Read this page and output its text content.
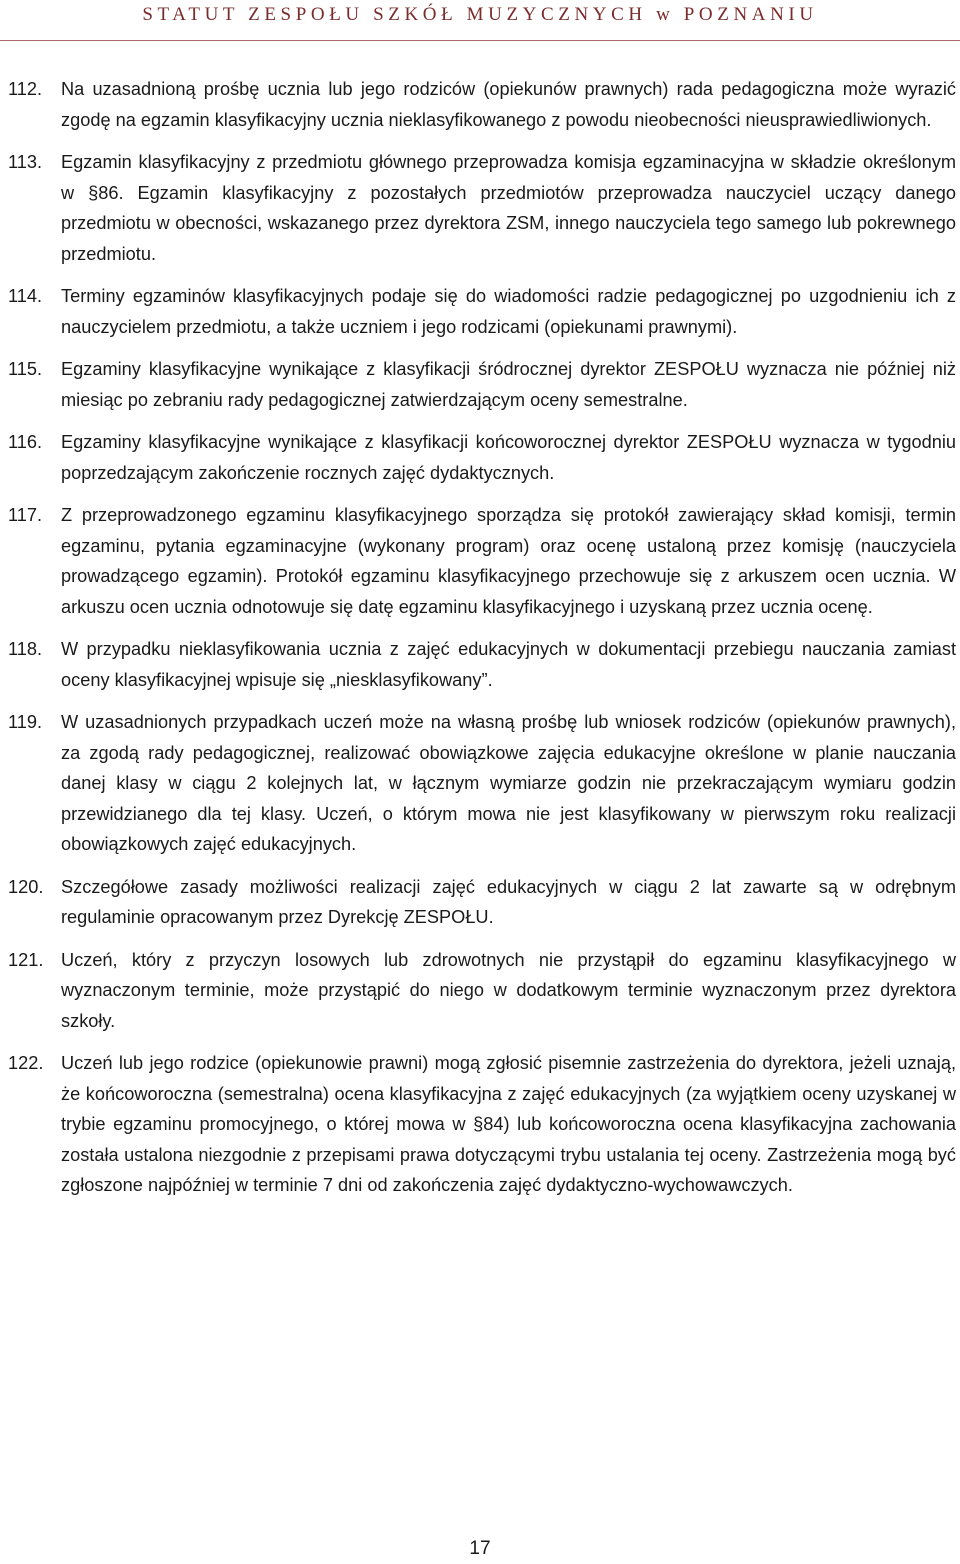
STATUT ZESPOŁU SZKÓŁ MUZYCZNYCH w POZNANIU
112.	Na uzasadnioną prośbę ucznia lub jego rodziców (opiekunów prawnych) rada pedagogiczna może wyrazić zgodę na egzamin klasyfikacyjny ucznia nieklasyfikowanego z powodu nieobecności nieusprawiedliwionych.
113.	Egzamin klasyfikacyjny z przedmiotu głównego przeprowadza komisja egzaminacyjna w składzie określonym w §86. Egzamin klasyfikacyjny z pozostałych przedmiotów przeprowadza nauczyciel uczący danego przedmiotu w obecności, wskazanego przez dyrektora ZSM, innego nauczyciela tego samego lub pokrewnego przedmiotu.
114.	Terminy egzaminów klasyfikacyjnych podaje się do wiadomości radzie pedagogicznej po uzgodnieniu ich z nauczycielem przedmiotu, a także uczniem i jego rodzicami (opiekunami prawnymi).
115.	Egzaminy klasyfikacyjne wynikające z klasyfikacji śródrocznej dyrektor ZESPOŁU wyznacza nie później niż miesiąc po zebraniu rady pedagogicznej zatwierdzającym oceny semestralne.
116.	Egzaminy klasyfikacyjne wynikające z klasyfikacji końcoworocznej dyrektor ZESPOŁU wyznacza w tygodniu poprzedzającym zakończenie rocznych zajęć dydaktycznych.
117.	Z przeprowadzonego egzaminu klasyfikacyjnego sporządza się protokół zawierający skład komisji, termin egzaminu, pytania egzaminacyjne (wykonany program) oraz ocenę ustaloną przez komisję (nauczyciela prowadzącego egzamin). Protokół egzaminu klasyfikacyjnego przechowuje się z arkuszem ocen ucznia. W arkuszu ocen ucznia odnotowuje się datę egzaminu klasyfikacyjnego i uzyskaną przez ucznia ocenę.
118.	W przypadku nieklasyfikowania ucznia z zajęć edukacyjnych w dokumentacji przebiegu nauczania zamiast oceny klasyfikacyjnej wpisuje się „niesklasyfikowany”.
119.	W uzasadnionych przypadkach uczeń może na własną prośbę lub wniosek rodziców (opiekunów prawnych), za zgodą rady pedagogicznej, realizować obowiązkowe zajęcia edukacyjne określone w planie nauczania danej klasy w ciągu 2 kolejnych lat, w łącznym wymiarze godzin nie przekraczającym wymiaru godzin przewidzianego dla tej klasy. Uczeń, o którym mowa nie jest klasyfikowany w pierwszym roku realizacji obowiązkowych zajęć edukacyjnych.
120. Szczegółowe zasady możliwości realizacji zajęć edukacyjnych w ciągu 2 lat zawarte są w odrębnym regulaminie opracowanym przez Dyrekcję ZESPOŁU.
121. Uczeń, który z przyczyn losowych lub zdrowotnych nie przystąpił do egzaminu klasyfikacyjnego w wyznaczonym terminie, może przystąpić do niego w dodatkowym terminie wyznaczonym przez dyrektora szkoły.
122. Uczeń lub jego rodzice (opiekunowie prawni) mogą zgłosić pisemnie zastrzeżenia do dyrektora, jeżeli uznają, że końcoworoczna (semestralna) ocena klasyfikacyjna z zajęć edukacyjnych (za wyjątkiem oceny uzyskanej w trybie egzaminu promocyjnego, o której mowa w §84) lub końcoworoczna ocena klasyfikacyjna zachowania została ustalona niezgodnie z przepisami prawa dotyczącymi trybu ustalania tej oceny. Zastrzeżenia mogą być zgłoszone najpóźniej w terminie 7 dni od zakończenia zajęć dydaktyczno-wychowawczych.
17
